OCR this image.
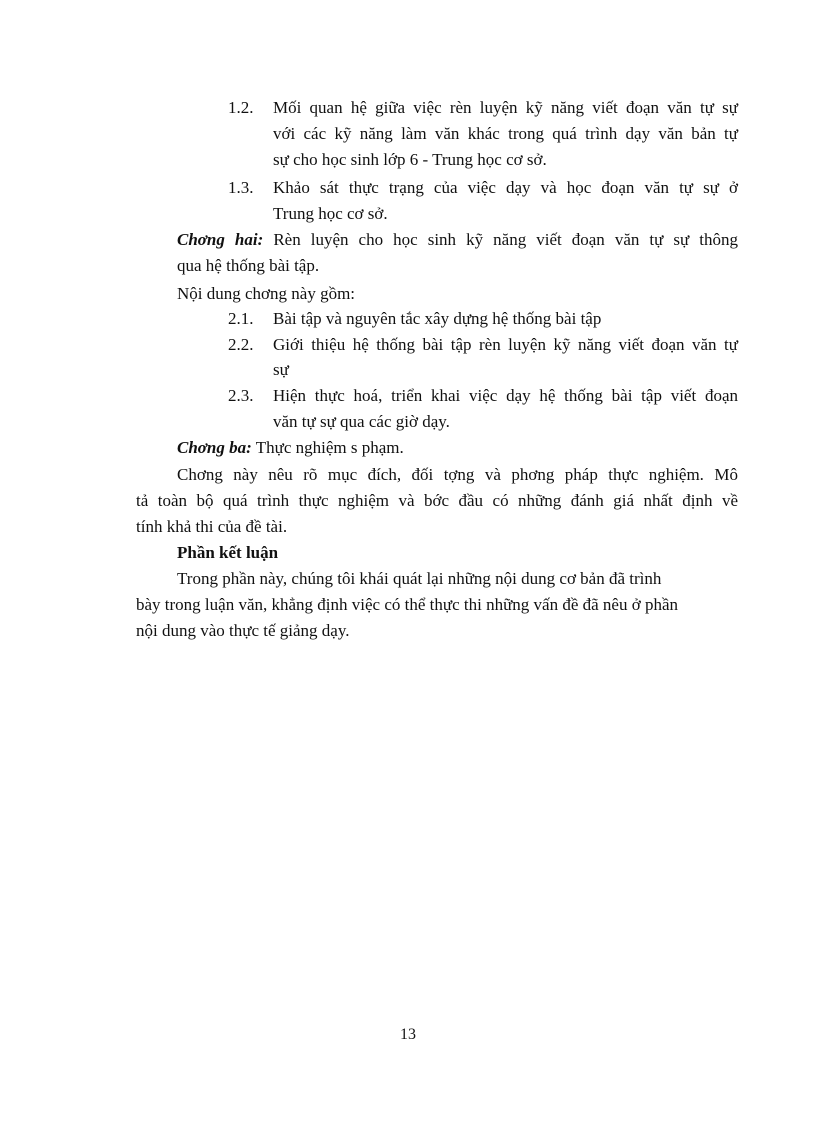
1.2. Mối quan hệ giữa việc rèn luyện kỹ năng viết đoạn văn tự sự
với các kỹ năng làm văn khác trong quá trình dạy văn bản tự
sự cho học sinh lớp 6 - Trung học cơ sở.
1.3. Khảo sát thực trạng của việc dạy và học đoạn văn tự sự ở
Trung học cơ sở.
Chơng hai: Rèn luyện cho học sinh kỹ năng viết đoạn văn tự sự thông
qua hệ thống bài tập.
Nội dung chơng này gồm:
2.1. Bài tập và nguyên tắc xây dựng hệ thống bài tập
2.2. Giới thiệu hệ thống bài tập rèn luyện kỹ năng viết đoạn văn tự
sự
2.3. Hiện thực hoá, triển khai việc dạy hệ thống bài tập viết đoạn
văn tự sự qua các giờ dạy.
Chơng ba: Thực nghiệm s phạm.
Chơng này nêu rõ mục đích, đối tợng và phơng pháp thực nghiệm. Mô
tả toàn bộ quá trình thực nghiệm và bớc đầu có những đánh giá nhất định về
tính khả thi của đề tài.
Phần kết luận
Trong phần này, chúng tôi khái quát lại những nội dung cơ bản đã trình
bày trong luận văn, khẳng định việc có thể thực thi những vấn đề đã nêu ở phần
nội dung vào thực tế giảng dạy.
13
